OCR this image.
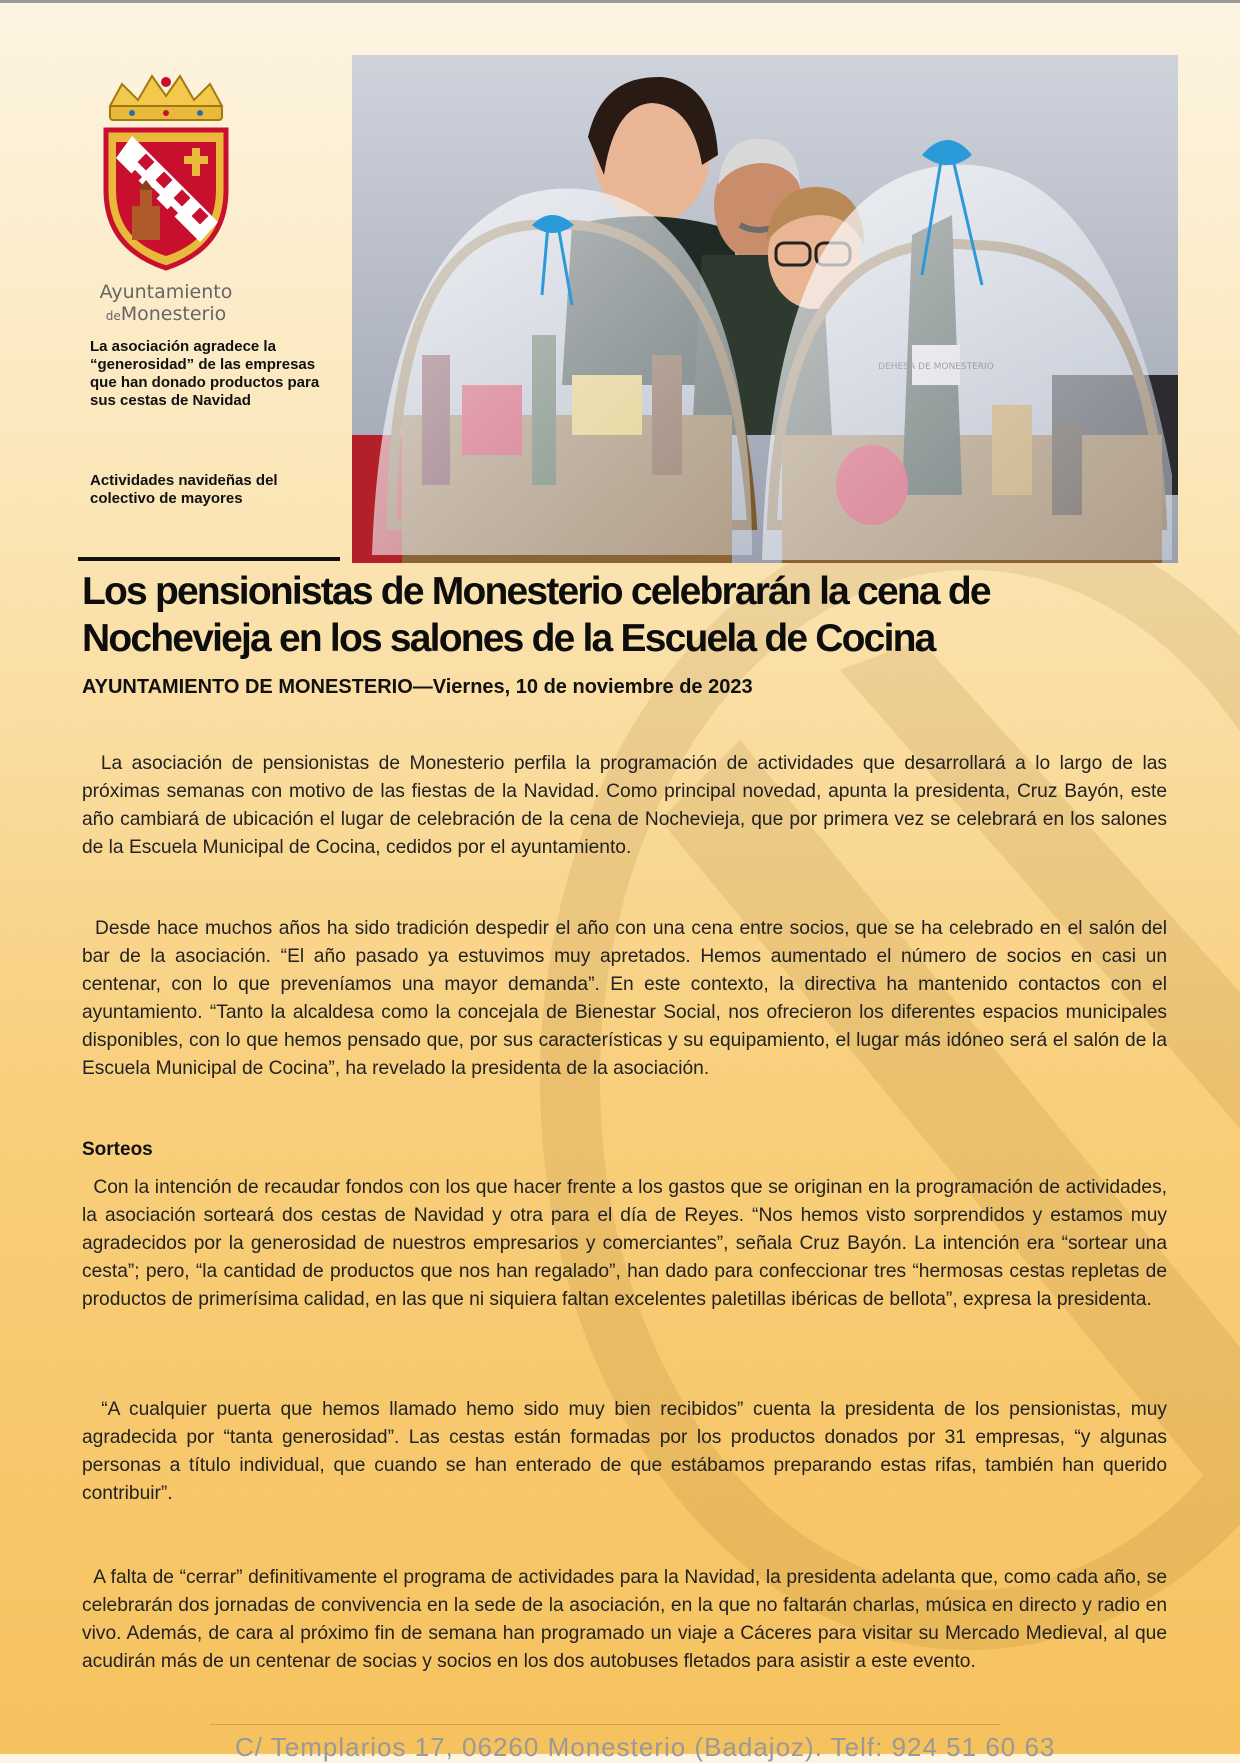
Ayuntamiento
deMonesterio
La asociación agradece la “generosidad” de las empresas que han donado productos para sus cestas de Navidad
Actividades navideñas del colectivo de mayores
Los pensionistas de Monesterio celebrarán la cena de Nochevieja en los salones de la Escuela de Cocina
AYUNTAMIENTO DE MONESTERIO—Viernes, 10 de noviembre de 2023

La asociación de pensionistas de Monesterio perfila la programación de actividades que desarrollará a lo largo de las próximas semanas con motivo de las fiestas de la Navidad. Como principal novedad, apunta la presidenta, Cruz Bayón, este año cambiará de ubicación el lugar de celebración de la cena de Nochevieja, que por primera vez se celebrará en los salones de la Escuela Municipal de Cocina, cedidos por el ayuntamiento.

Desde hace muchos años ha sido tradición despedir el año con una cena entre socios, que se ha celebrado en el salón del bar de la asociación. “El año pasado ya estuvimos muy apretados. Hemos aumentado el número de socios en casi un centenar, con lo que preveníamos una mayor demanda”. En este contexto, la directiva ha mantenido contactos con el ayuntamiento. “Tanto la alcaldesa como la concejala de Bienestar Social, nos ofrecieron los diferentes espacios municipales disponibles, con lo que hemos pensado que, por sus características y su equipamiento, el lugar más idóneo será el salón de la Escuela Municipal de Cocina”, ha revelado la presidenta de la asociación.

Sorteos

Con la intención de recaudar fondos con los que hacer frente a los gastos que se originan en la programación de actividades, la asociación sorteará dos cestas de Navidad y otra para el día de Reyes. “Nos hemos visto sorprendidos y estamos muy agradecidos por la generosidad de nuestros empresarios y comerciantes”, señala Cruz Bayón. La intención era “sortear una cesta”; pero, “la cantidad de productos que nos han regalado”, han dado para confeccionar tres “hermosas cestas repletas de productos de primerísima calidad, en las que ni siquiera faltan excelentes paletillas ibéricas de bellota”, expresa la presidenta.

“A cualquier puerta que hemos llamado hemo sido muy bien recibidos” cuenta la presidenta de los pensionistas, muy agradecida por “tanta generosidad”. Las cestas están formadas por los productos donados por 31 empresas, “y algunas personas a título individual, que cuando se han enterado de que estábamos preparando estas rifas, también han querido contribuir”.

A falta de “cerrar” definitivamente el programa de actividades para la Navidad, la presidenta adelanta que, como cada año, se celebrarán dos jornadas de convivencia en la sede de la asociación, en la que no faltarán charlas, música en directo y radio en vivo. Además, de cara al próximo fin de semana han programado un viaje a Cáceres para visitar su Mercado Medieval, al que acudirán más de un centenar de socias y socios en los dos autobuses fletados para asistir a este evento.

C/ Templarios 17, 06260 Monesterio (Badajoz). Telf: 924 51 60 63
